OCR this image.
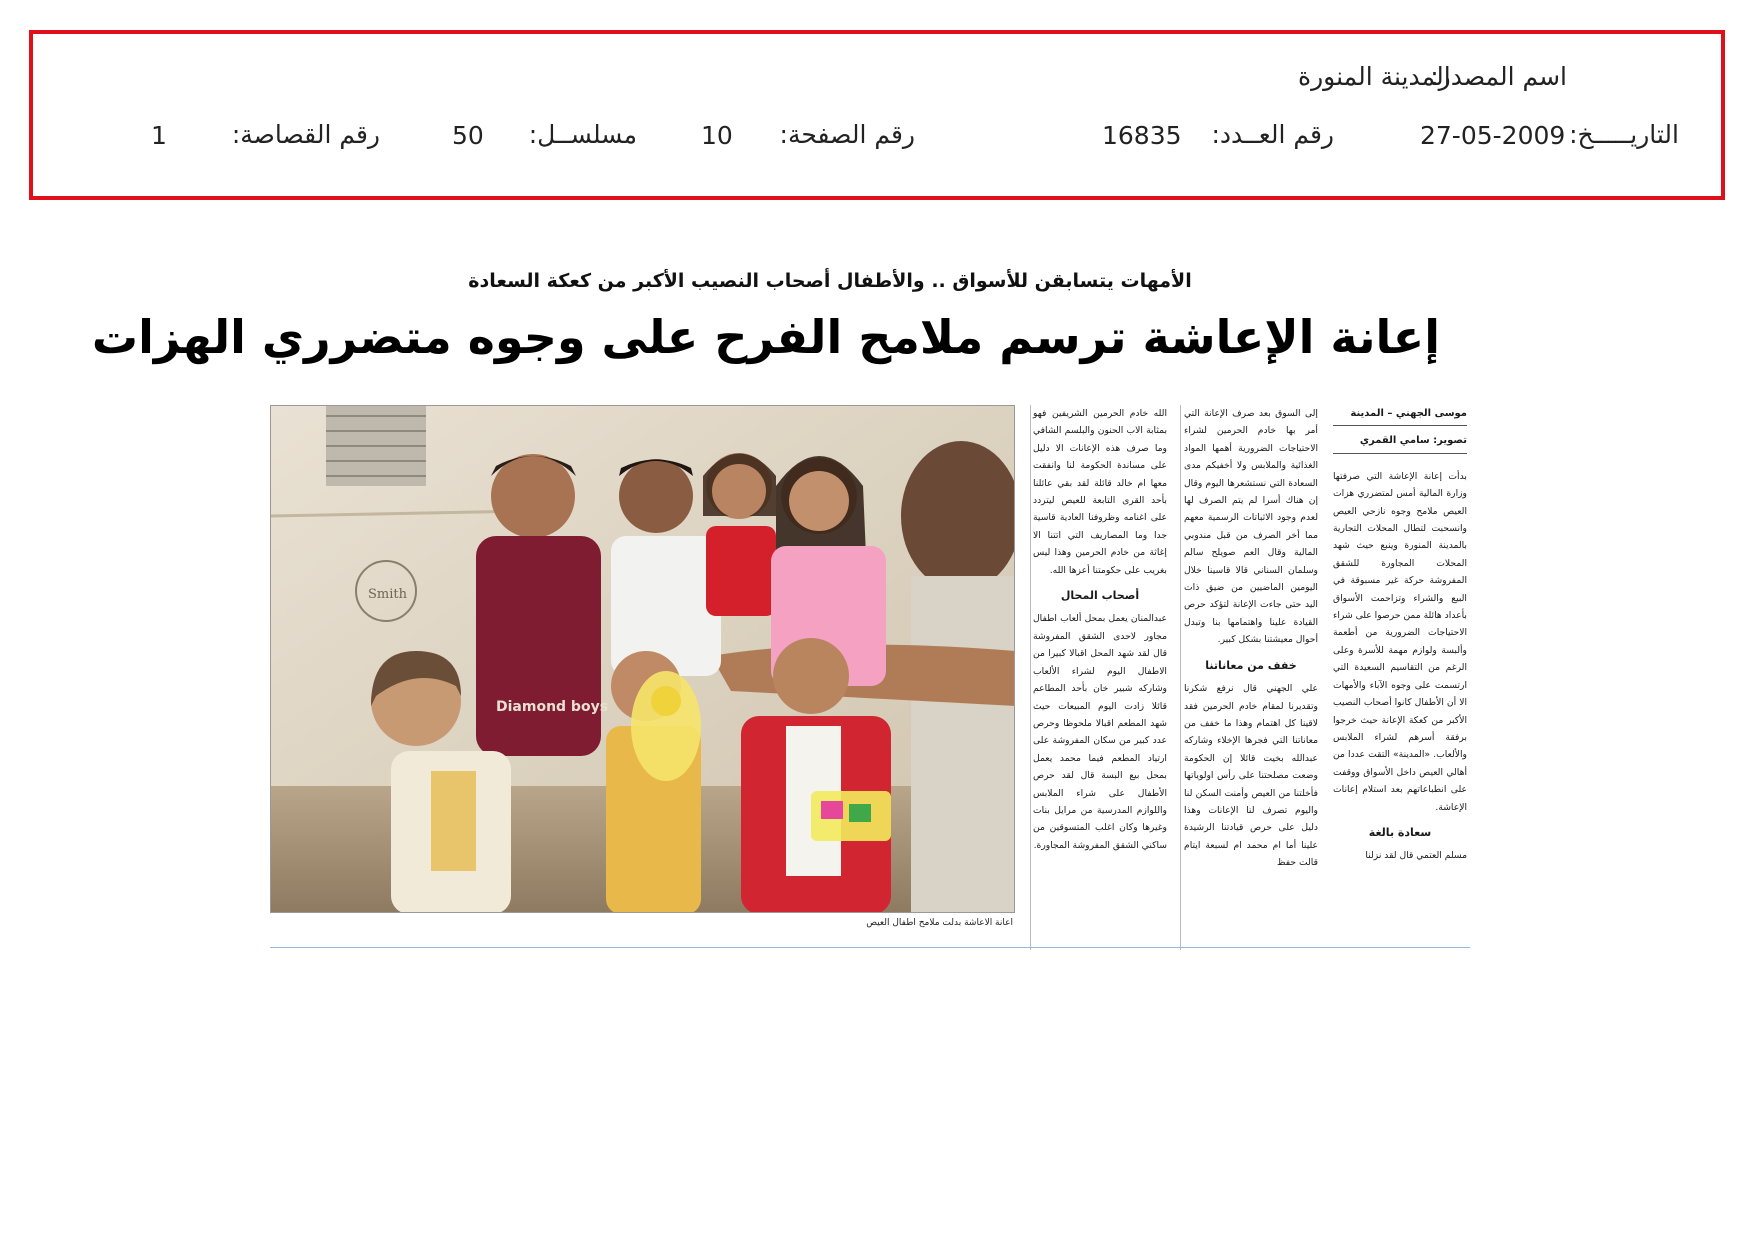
اسم المصدر:
المدينة المنورة
التاريـــــخ:
27-05-2009
رقم العــدد:
16835
رقم الصفحة:
10
مسلســل:
50
رقم القصاصة:
1
الأمهات يتسابقن للأسواق .. والأطفال أصحاب النصيب الأكبر من كعكة السعادة
إعانة الإعاشة ترسم ملامح الفرح على وجوه متضرري الهزات
Smith
Diamond boys
اعانة الاعاشة بدلت ملامح اطفال العيص
موسى الجهني – المدينة
تصوير: سامي القمري

بدأت إعانة الإعاشة التي صرفتها وزارة المالية أمس لمتضرري هزات العيص ملامح وجوه نازحي العيص وانسحبت لتطال المحلات التجارية بالمدينة المنورة وينبع حيث شهد المحلات المجاورة للشقق المفروشة حركة غير مسبوقة في البيع والشراء وتزاحمت الأسواق بأعداد هائلة ممن حرصوا على شراء الاحتياجات الضرورية من أطعمة وألبسة ولوازم مهمة للأسرة وعلى الرغم من التقاسيم السعيدة التي ارتسمت على وجوه الآباء والأمهات الا أن الأطفال كانوا أصحاب النصيب الأكبر من كعكة الإعانة حيث خرجوا برفقة أسرهم لشراء الملابس والألعاب. «المدينة» التقت عددا من أهالي العيص داخل الأسواق ووقفت على انطباعاتهم بعد استلام إعانات الإعاشة.

سعادة بالغة

مسلم العتمي قال لقد نزلنا

إلى السوق بعد صرف الإعانة التي أمر بها خادم الحرمين لشراء الاحتياجات الضرورية أهمها المواد الغذائية والملابس ولا أخفيكم مدى السعادة التي نستشعرها اليوم وقال إن هناك أسرا لم يتم الصرف لها لعدم وجود الاثباتات الرسمية معهم مما أخر الصرف من قبل مندوبي المالية وقال العم صويلح سالم وسلمان السناني قالا قاسينا خلال اليومين الماضيين من ضيق ذات اليد حتى جاءت الإعانة لتؤكد حرص القيادة علينا واهتمامها بنا وتبدل أحوال معيشتنا بشكل كبير.

خفف من معاناتنا

علي الجهني قال نرفع شكرنا وتقديرنا لمقام خادم الحرمين فقد لاقينا كل اهتمام وهذا ما خفف من معاناتنا التي فجرها الإخلاء وشاركه عبدالله بخيت قائلا إن الحكومة وضعت مصلحتنا على رأس اولوياتها فأخلتنا من العيص وأمنت السكن لنا واليوم تصرف لنا الإعانات وهذا دليل على حرص قيادتنا الرشيدة علينا أما ام محمد ام لسبعة ايتام قالت حفظ

الله خادم الحرمين الشريفين فهو بمثابة الاب الحنون والبلسم الشافي وما صرف هذه الإعانات الا دليل على مساندة الحكومة لنا وانفقت معها ام خالد قائلة لقد بقي عائلنا بأحد القرى التابعة للعيص ليتردد على اغنامه وظروفنا العادية قاسية جدا وما المصاريف التي اتتنا الا إغاثة من خادم الحرمين وهذا ليس بغريب على حكومتنا أعزها الله.

أصحاب المحال

عبدالمنان يعمل بمحل ألعاب اطفال مجاور لاحدى الشقق المفروشة قال لقد شهد المحل اقبالا كبيرا من الاطفال اليوم لشراء الألعاب وشاركه شبير خان بأحد المطاعم قائلا زادت اليوم المبيعات حيث شهد المطعم اقبالا ملحوظا وحرص عدد كبير من سكان المفروشة على ارتياد المطعم فيما محمد يعمل بمحل بيع البسة قال لقد حرص الأطفال على شراء الملابس واللوازم المدرسية من مرايل بنات وغيرها وكان اغلب المتسوقين من ساكني الشقق المفروشة المجاورة.
